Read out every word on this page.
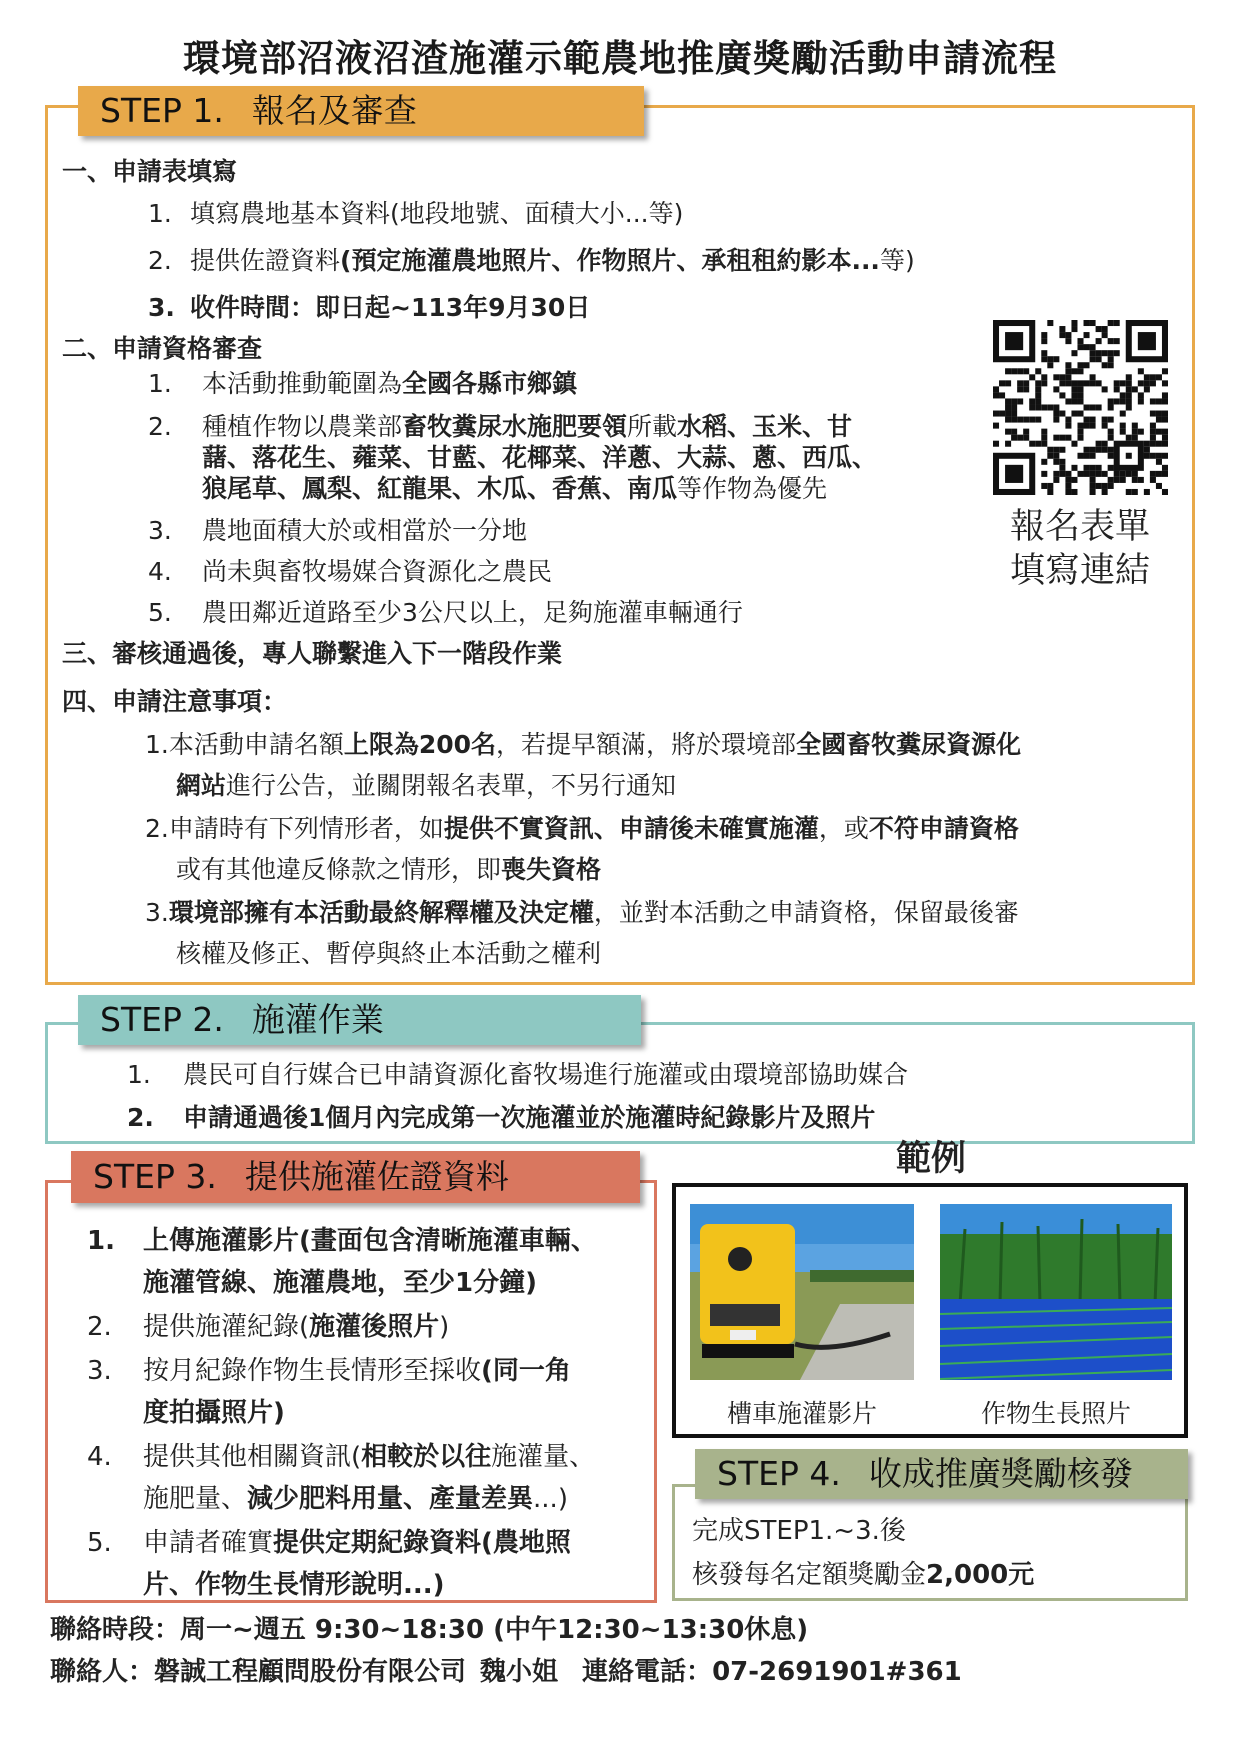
環境部沼液沼渣施灌示範農地推廣獎勵活動申請流程
STEP 1. 報名及審查
一、申請表填寫
二、申請資格審查
三、審核通過後，專人聯繫進入下一階段作業
四、申請注意事項：
報名表單
填寫連結
STEP 2. 施灌作業
STEP 3. 提供施灌佐證資料	範例
槽車施灌影片	作物生長照片
STEP 4. 收成推廣獎勵核發
完成STEP1.~3.後
核發每名定額獎勵金2,000元
聯絡時段：周一~週五 9:30~18:30 (中午12:30~13:30休息)
聯絡人：磐誠工程顧問股份有限公司 魏小姐 連絡電話：07-2691901#361
1. 填寫農地基本資料(地段地號、面積大小...等)
2. 提供佐證資料(預定施灌農地照片、作物照片、承租租約影本...等)
3. 收件時間：即日起~113年9月30日
1. 本活動推動範圍為全國各縣市鄉鎮
2. 種植作物以農業部畜牧糞尿水施肥要領所載水稻、玉米、甘
藷、落花生、蕹菜、甘藍、花椰菜、洋蔥、大蒜、蔥、西瓜、
狼尾草、鳳梨、紅龍果、木瓜、香蕉、南瓜等作物為優先
3. 農地面積大於或相當於一分地
4. 尚未與畜牧場媒合資源化之農民
5. 農田鄰近道路至少3公尺以上，足夠施灌車輛通行
1.本活動申請名額上限為200名，若提早額滿，將於環境部全國畜牧糞尿資源化
網站進行公告，並關閉報名表單，不另行通知
2.申請時有下列情形者，如提供不實資訊、申請後未確實施灌，或不符申請資格
或有其他違反條款之情形，即喪失資格
3.環境部擁有本活動最終解釋權及決定權，並對本活動之申請資格，保留最後審
核權及修正、暫停與終止本活動之權利
1. 農民可自行媒合已申請資源化畜牧場進行施灌或由環境部協助媒合
2. 申請通過後1個月內完成第一次施灌並於施灌時紀錄影片及照片
1. 上傳施灌影片(畫面包含清晰施灌車輛、
施灌管線、施灌農地，至少1分鐘)
2. 提供施灌紀錄(施灌後照片)
3. 按月紀錄作物生長情形至採收(同一角
度拍攝照片)
4. 提供其他相關資訊(相較於以往施灌量、
施肥量、減少肥料用量、產量差異...)
5. 申請者確實提供定期紀錄資料(農地照
片、作物生長情形說明...)
